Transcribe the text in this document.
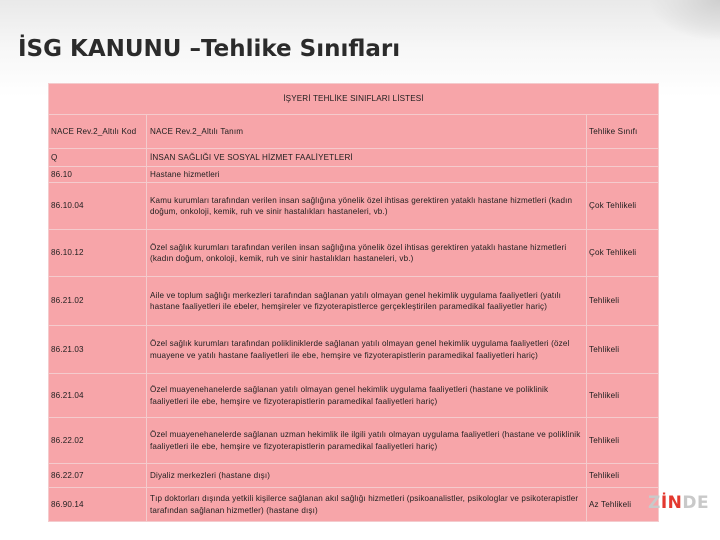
İSG KANUNU –Tehlike Sınıfları
İŞYERİ TEHLİKE SINIFLARI LİSTESİ		
NACE Rev.2_Altılı Kod	NACE Rev.2_Altılı Tanım	Tehlike Sınıfı
Q	İNSAN SAĞLIĞI VE SOSYAL HİZMET FAALİYETLERİ	
86.10	Hastane hizmetleri	
86.10.04	Kamu kurumları tarafından verilen insan sağlığına yönelik özel ihtisas gerektiren yataklı hastane hizmetleri (kadın doğum, onkoloji, kemik, ruh ve sinir hastalıkları hastaneleri, vb.)	Çok Tehlikeli
86.10.12	Özel sağlık kurumları tarafından verilen insan sağlığına yönelik özel ihtisas gerektiren yataklı hastane hizmetleri (kadın doğum, onkoloji, kemik, ruh ve sinir hastalıkları hastaneleri, vb.)	Çok Tehlikeli
86.21.02	Aile ve toplum sağlığı merkezleri tarafından sağlanan yatılı olmayan genel hekimlik uygulama faaliyetleri (yatılı hastane faaliyetleri ile ebeler, hemşireler ve fizyoterapistlerce gerçekleştirilen paramedikal faaliyetler hariç)	Tehlikeli
86.21.03	Özel sağlık kurumları tarafından polikliniklerde sağlanan yatılı olmayan genel hekimlik uygulama faaliyetleri (özel muayene ve yatılı hastane faaliyetleri ile ebe, hemşire ve fizyoterapistlerin paramedikal faaliyetleri hariç)	Tehlikeli
86.21.04	Özel muayenehanelerde sağlanan yatılı olmayan genel hekimlik uygulama faaliyetleri (hastane ve poliklinik faaliyetleri ile ebe, hemşire ve fizyoterapistlerin paramedikal faaliyetleri hariç)	Tehlikeli
86.22.02	Özel muayenehanelerde sağlanan uzman hekimlik ile ilgili yatılı olmayan uygulama faaliyetleri (hastane ve poliklinik faaliyetleri ile ebe, hemşire ve fizyoterapistlerin paramedikal faaliyetleri hariç)	Tehlikeli
86.22.07	Diyaliz merkezleri (hastane dışı)	Tehlikeli
86.90.14	Tıp doktorları dışında yetkili kişilerce sağlanan akıl sağlığı hizmetleri (psikoanalistler, psikologlar ve psikoterapistler tarafından sağlanan hizmetler) (hastane dışı)	Az Tehlikeli ZİNDE
